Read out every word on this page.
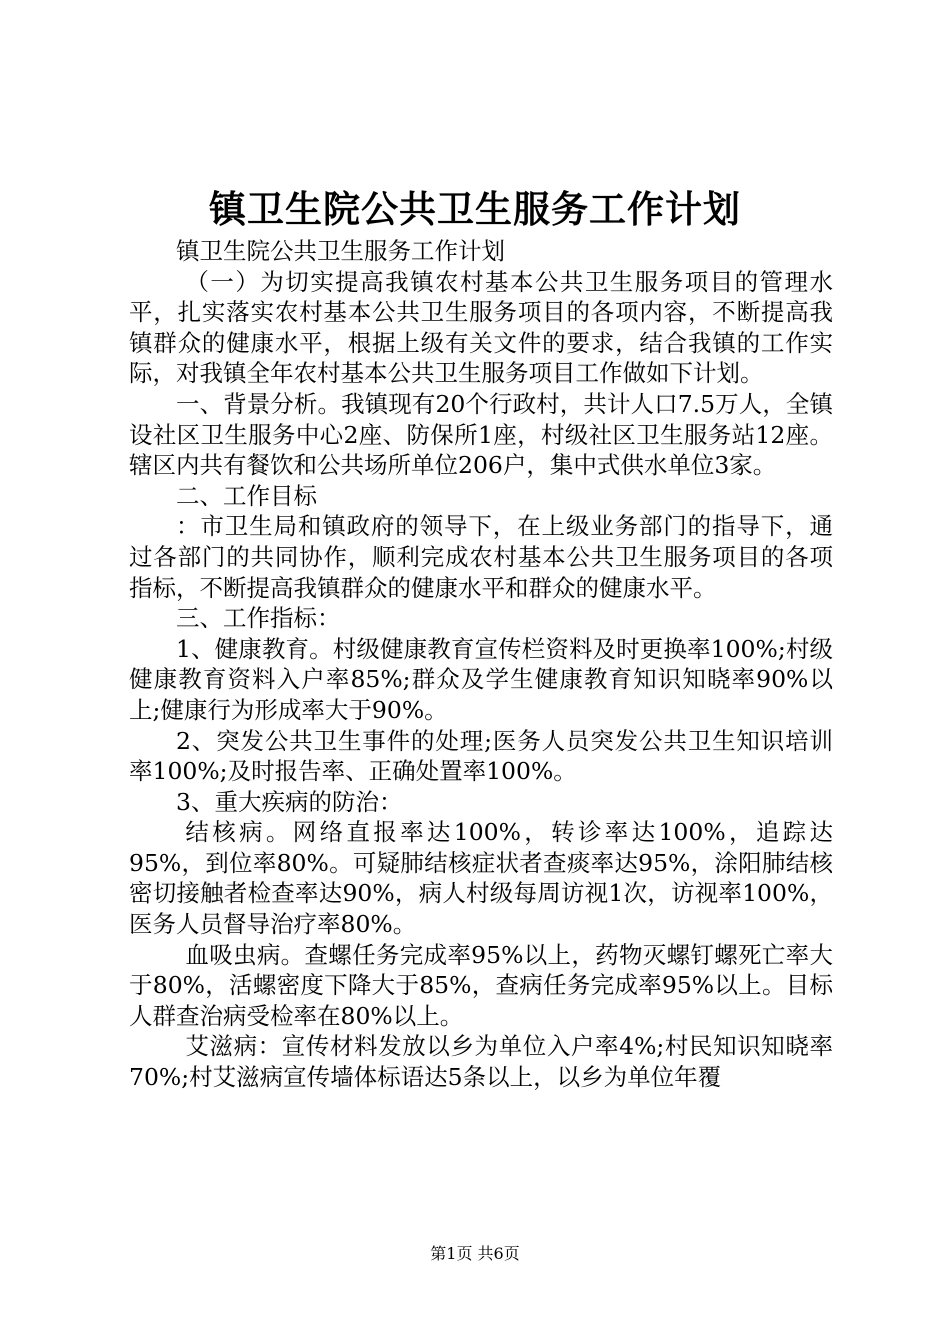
镇卫生院公共卫生服务工作计划

镇卫生院公共卫生服务工作计划

（一）为切实提高我镇农村基本公共卫生服务项目的管理水平，扎实落实农村基本公共卫生服务项目的各项内容，不断提高我镇群众的健康水平，根据上级有关文件的要求，结合我镇的工作实际，对我镇全年农村基本公共卫生服务项目工作做如下计划。

一、背景分析。我镇现有20个行政村，共计人口7.5万人，全镇设社区卫生服务中心2座、防保所1座，村级社区卫生服务站12座。辖区内共有餐饮和公共场所单位206户，集中式供水单位3家。

二、工作目标

：市卫生局和镇政府的领导下，在上级业务部门的指导下，通过各部门的共同协作，顺利完成农村基本公共卫生服务项目的各项指标，不断提高我镇群众的健康水平和群众的健康水平。

三、工作指标：

1、健康教育。村级健康教育宣传栏资料及时更换率100%;村级健康教育资料入户率85%;群众及学生健康教育知识知晓率90%以上;健康行为形成率大于90%。

2、突发公共卫生事件的处理;医务人员突发公共卫生知识培训率100%;及时报告率、正确处置率100%。

3、重大疾病的防治：

结核病。网络直报率达100%，转诊率达100%，追踪达95%，到位率80%。可疑肺结核症状者查痰率达95%，涂阳肺结核密切接触者检查率达90%，病人村级每周访视1次，访视率100%，医务人员督导治疗率80%。

血吸虫病。查螺任务完成率95%以上，药物灭螺钉螺死亡率大于80%，活螺密度下降大于85%，查病任务完成率95%以上。目标人群查治病受检率在80%以上。

艾滋病：宣传材料发放以乡为单位入户率4%;村民知识知晓率70%;村艾滋病宣传墙体标语达5条以上，以乡为单位年覆

第1页 共6页
